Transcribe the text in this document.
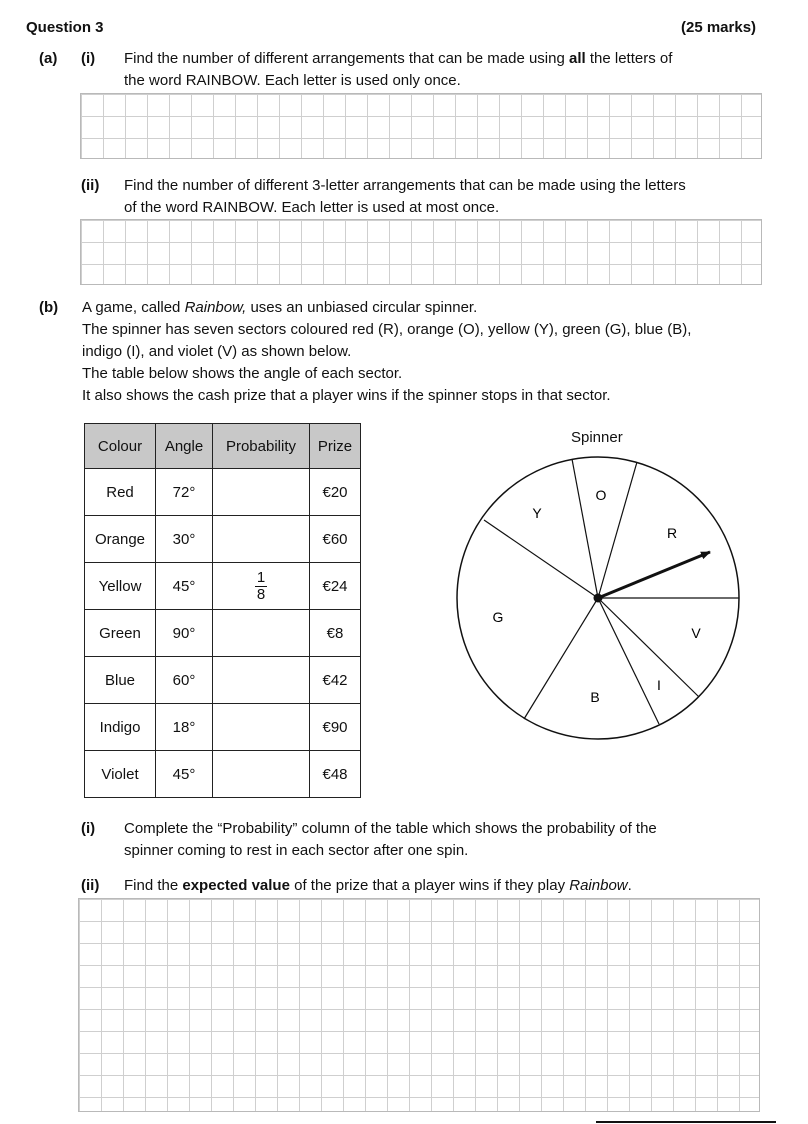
Question 3	(25 marks)
(a) (i) Find the number of different arrangements that can be made using all the letters of
the word RAINBOW. Each letter is used only once.
(ii) Find the number of different 3-letter arrangements that can be made using the letters
of the word RAINBOW. Each letter is used at most once.
(b) A game, called Rainbow, uses an unbiased circular spinner.
The spinner has seven sectors coloured red (R), orange (O), yellow (Y), green (G), blue (B),
indigo (I), and violet (V) as shown below.
The table below shows the angle of each sector.
It also shows the cash prize that a player wins if the spinner stops in that sector.
Colour	Angle	Probability	Prize
Red	72°		€20
Orange	30°		€60
Yellow	45°	$\frac{1}{8}$	€24
Green	90°		€8
Blue	60°		€42
Indigo	18°		€90
Violet	45°		€48
Spinner
O
Y
R
G
V
I
B
(i) Complete the “Probability” column of the table which shows the probability of the
spinner coming to rest in each sector after one spin.
(ii) Find the expected value of the prize that a player wins if they play Rainbow.
